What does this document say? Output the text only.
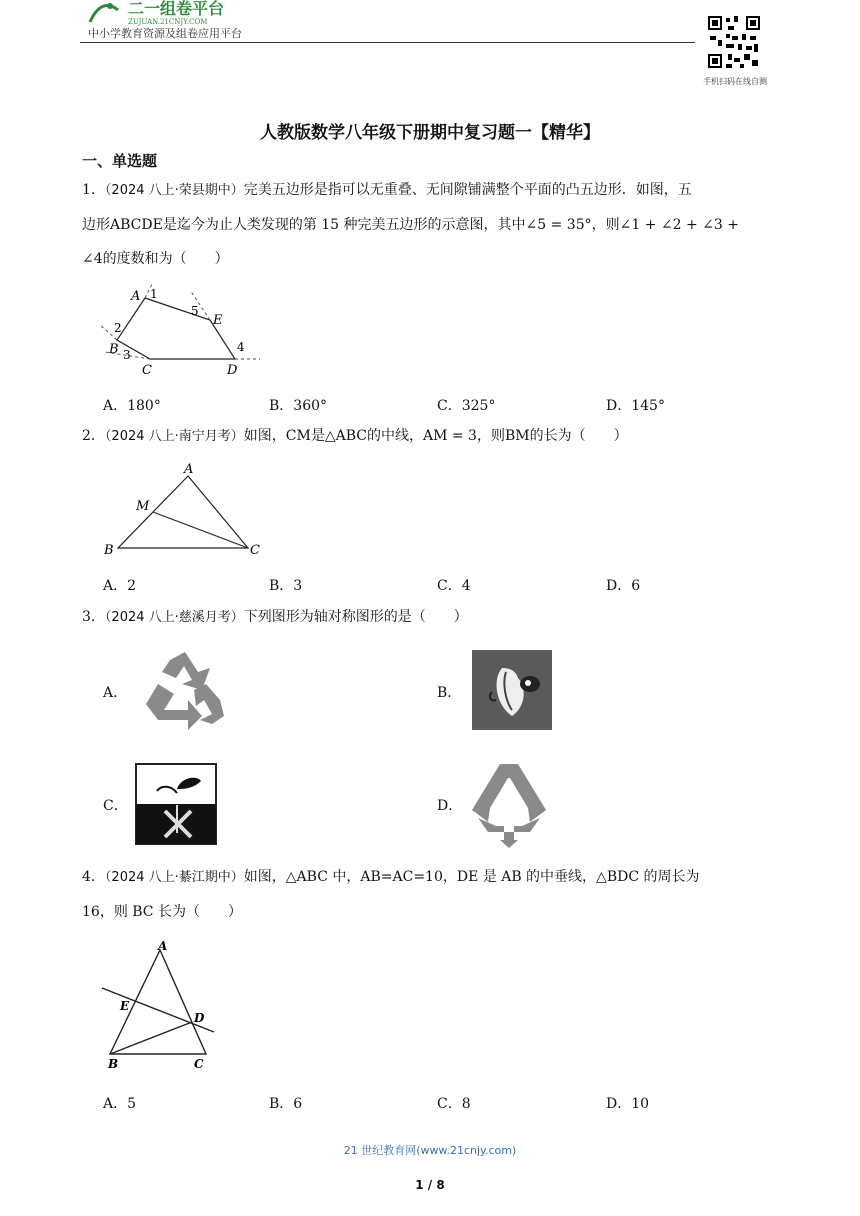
二一组卷平台
ZUJUAN.21CNJY.COM
中小学教育资源及组卷应用平台
手机扫码在线自测
人教版数学八年级下册期中复习题一【精华】
一、单选题
1．（2024 八上·荣县期中）完美五边形是指可以无重叠、无间隙铺满整个平面的凸五边形．如图，五
边形ABCDE是迄今为止人类发现的第 15 种完美五边形的示意图，其中∠5 = 35°，则∠1 + ∠2 + ∠3 +
∠4的度数和为（　　）
A 1
5
E
2
B 3
C	D
4
A．180°	B．360°	C．325°	D．145°
2．（2024 八上·南宁月考）如图，CM是△ABC的中线，AM = 3，则BM的长为（　　）
A
M
B	C
A．2	B．3	C．4	D．6
3．（2024 八上·慈溪月考）下列图形为轴对称图形的是（　　）
A．	B．
C．	D．
4．（2024 八上·綦江期中）如图，△ABC 中，AB=AC=10，DE 是 AB 的中垂线，△BDC 的周长为
16，则 BC 长为（　　）
A
E
D
B	C
A．5	B．6	C．8	D．10
21 世纪教育网(www.21cnjy.com)
1 / 8
